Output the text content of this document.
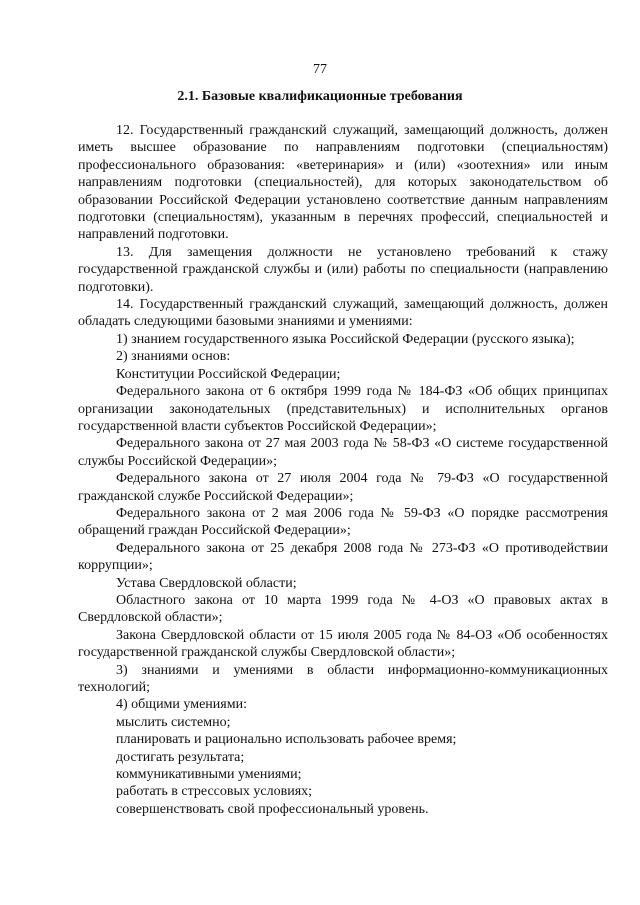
77
2.1. Базовые квалификационные требования

12. Государственный гражданский служащий, замещающий должность, должен иметь высшее образование по направлениям подготовки (специальностям) профессионального образования: «ветеринария» и (или) «зоотехния» или иным направлениям подготовки (специальностей), для которых законодательством об образовании Российской Федерации установлено соответствие данным направлениям подготовки (специальностям), указанным в перечнях профессий, специальностей и направлений подготовки.

13. Для замещения должности не установлено требований к стажу государственной гражданской службы и (или) работы по специальности (направлению подготовки).

14. Государственный гражданский служащий, замещающий должность, должен обладать следующими базовыми знаниями и умениями:

1) знанием государственного языка Российской Федерации (русского языка);

2) знаниями основ:

Конституции Российской Федерации;

Федерального закона от 6 октября 1999 года № 184-ФЗ «Об общих принципах организации законодательных (представительных) и исполнительных органов государственной власти субъектов Российской Федерации»;

Федерального закона от 27 мая 2003 года № 58-ФЗ «О системе государственной службы Российской Федерации»;

Федерального закона от 27 июля 2004 года № 79-ФЗ «О государственной гражданской службе Российской Федерации»;

Федерального закона от 2 мая 2006 года № 59-ФЗ «О порядке рассмотрения обращений граждан Российской Федерации»;

Федерального закона от 25 декабря 2008 года № 273-ФЗ «О противодействии коррупции»;

Устава Свердловской области;

Областного закона от 10 марта 1999 года № 4-ОЗ «О правовых актах в Свердловской области»;

Закона Свердловской области от 15 июля 2005 года № 84-ОЗ «Об особенностях государственной гражданской службы Свердловской области»;

3) знаниями и умениями в области информационно-коммуникационных технологий;

4) общими умениями:

мыслить системно;

планировать и рационально использовать рабочее время;

достигать результата;

коммуникативными умениями;

работать в стрессовых условиях;

совершенствовать свой профессиональный уровень.
